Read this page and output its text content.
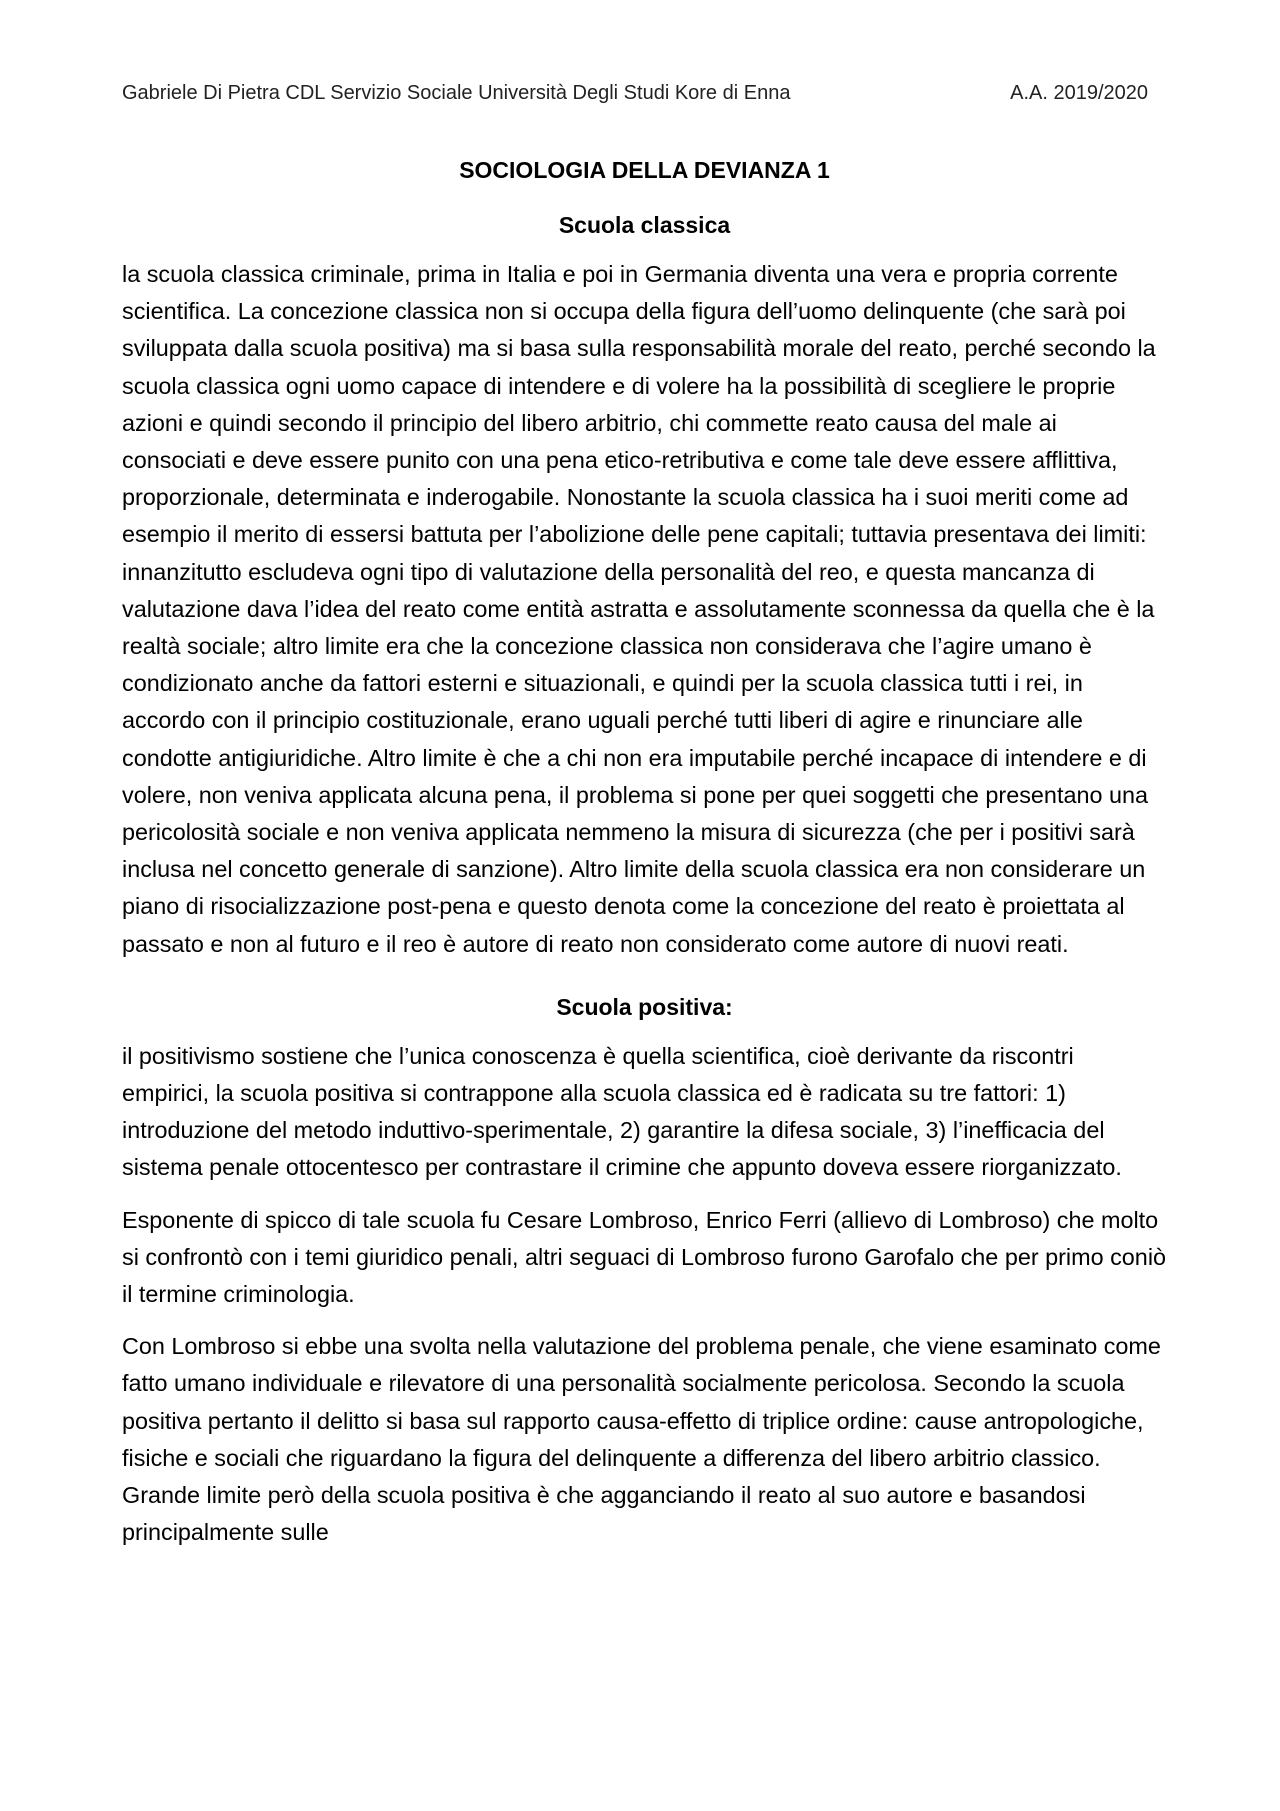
Gabriele Di Pietra CDL Servizio Sociale Università Degli Studi Kore di Enna	A.A. 2019/2020
SOCIOLOGIA DELLA DEVIANZA 1
Scuola classica

la scuola classica criminale, prima in Italia e poi in Germania diventa una vera e propria corrente scientifica. La concezione classica non si occupa della figura dell’uomo delinquente (che sarà poi sviluppata dalla scuola positiva) ma si basa sulla responsabilità morale del reato, perché secondo la scuola classica ogni uomo capace di intendere e di volere ha la possibilità di scegliere le proprie azioni e quindi secondo il principio del libero arbitrio, chi commette reato causa del male ai consociati e deve essere punito con una pena etico-retributiva e come tale deve essere afflittiva, proporzionale, determinata e inderogabile. Nonostante la scuola classica ha i suoi meriti come ad esempio il merito di essersi battuta per l’abolizione delle pene capitali; tuttavia presentava dei limiti: innanzitutto escludeva ogni tipo di valutazione della personalità del reo, e questa mancanza di valutazione dava l’idea del reato come entità astratta e assolutamente sconnessa da quella che è la realtà sociale; altro limite era che la concezione classica non considerava che l’agire umano è condizionato anche da fattori esterni e situazionali, e quindi per la scuola classica tutti i rei, in accordo con il principio costituzionale, erano uguali perché tutti liberi di agire e rinunciare alle condotte antigiuridiche. Altro limite è che a chi non era imputabile perché incapace di intendere e di volere, non veniva applicata alcuna pena, il problema si pone per quei soggetti che presentano una pericolosità sociale e non veniva applicata nemmeno la misura di sicurezza (che per i positivi sarà inclusa nel concetto generale di sanzione). Altro limite della scuola classica era non considerare un piano di risocializzazione post-pena e questo denota come la concezione del reato è proiettata al passato e non al futuro e il reo è autore di reato non considerato come autore di nuovi reati.

Scuola positiva:

il positivismo sostiene che l’unica conoscenza è quella scientifica, cioè derivante da riscontri empirici, la scuola positiva si contrappone alla scuola classica ed è radicata su tre fattori: 1) introduzione del metodo induttivo-sperimentale, 2) garantire la difesa sociale, 3) l’inefficacia del sistema penale ottocentesco per contrastare il crimine che appunto doveva essere riorganizzato.

Esponente di spicco di tale scuola fu Cesare Lombroso, Enrico Ferri (allievo di Lombroso) che molto si confrontò con i temi giuridico penali, altri seguaci di Lombroso furono Garofalo che per primo coniò il termine criminologia.

Con Lombroso si ebbe una svolta nella valutazione del problema penale, che viene esaminato come fatto umano individuale e rilevatore di una personalità socialmente pericolosa. Secondo la scuola positiva pertanto il delitto si basa sul rapporto causa-effetto di triplice ordine: cause antropologiche, fisiche e sociali che riguardano la figura del delinquente a differenza del libero arbitrio classico. Grande limite però della scuola positiva è che agganciando il reato al suo autore e basandosi principalmente sulle
